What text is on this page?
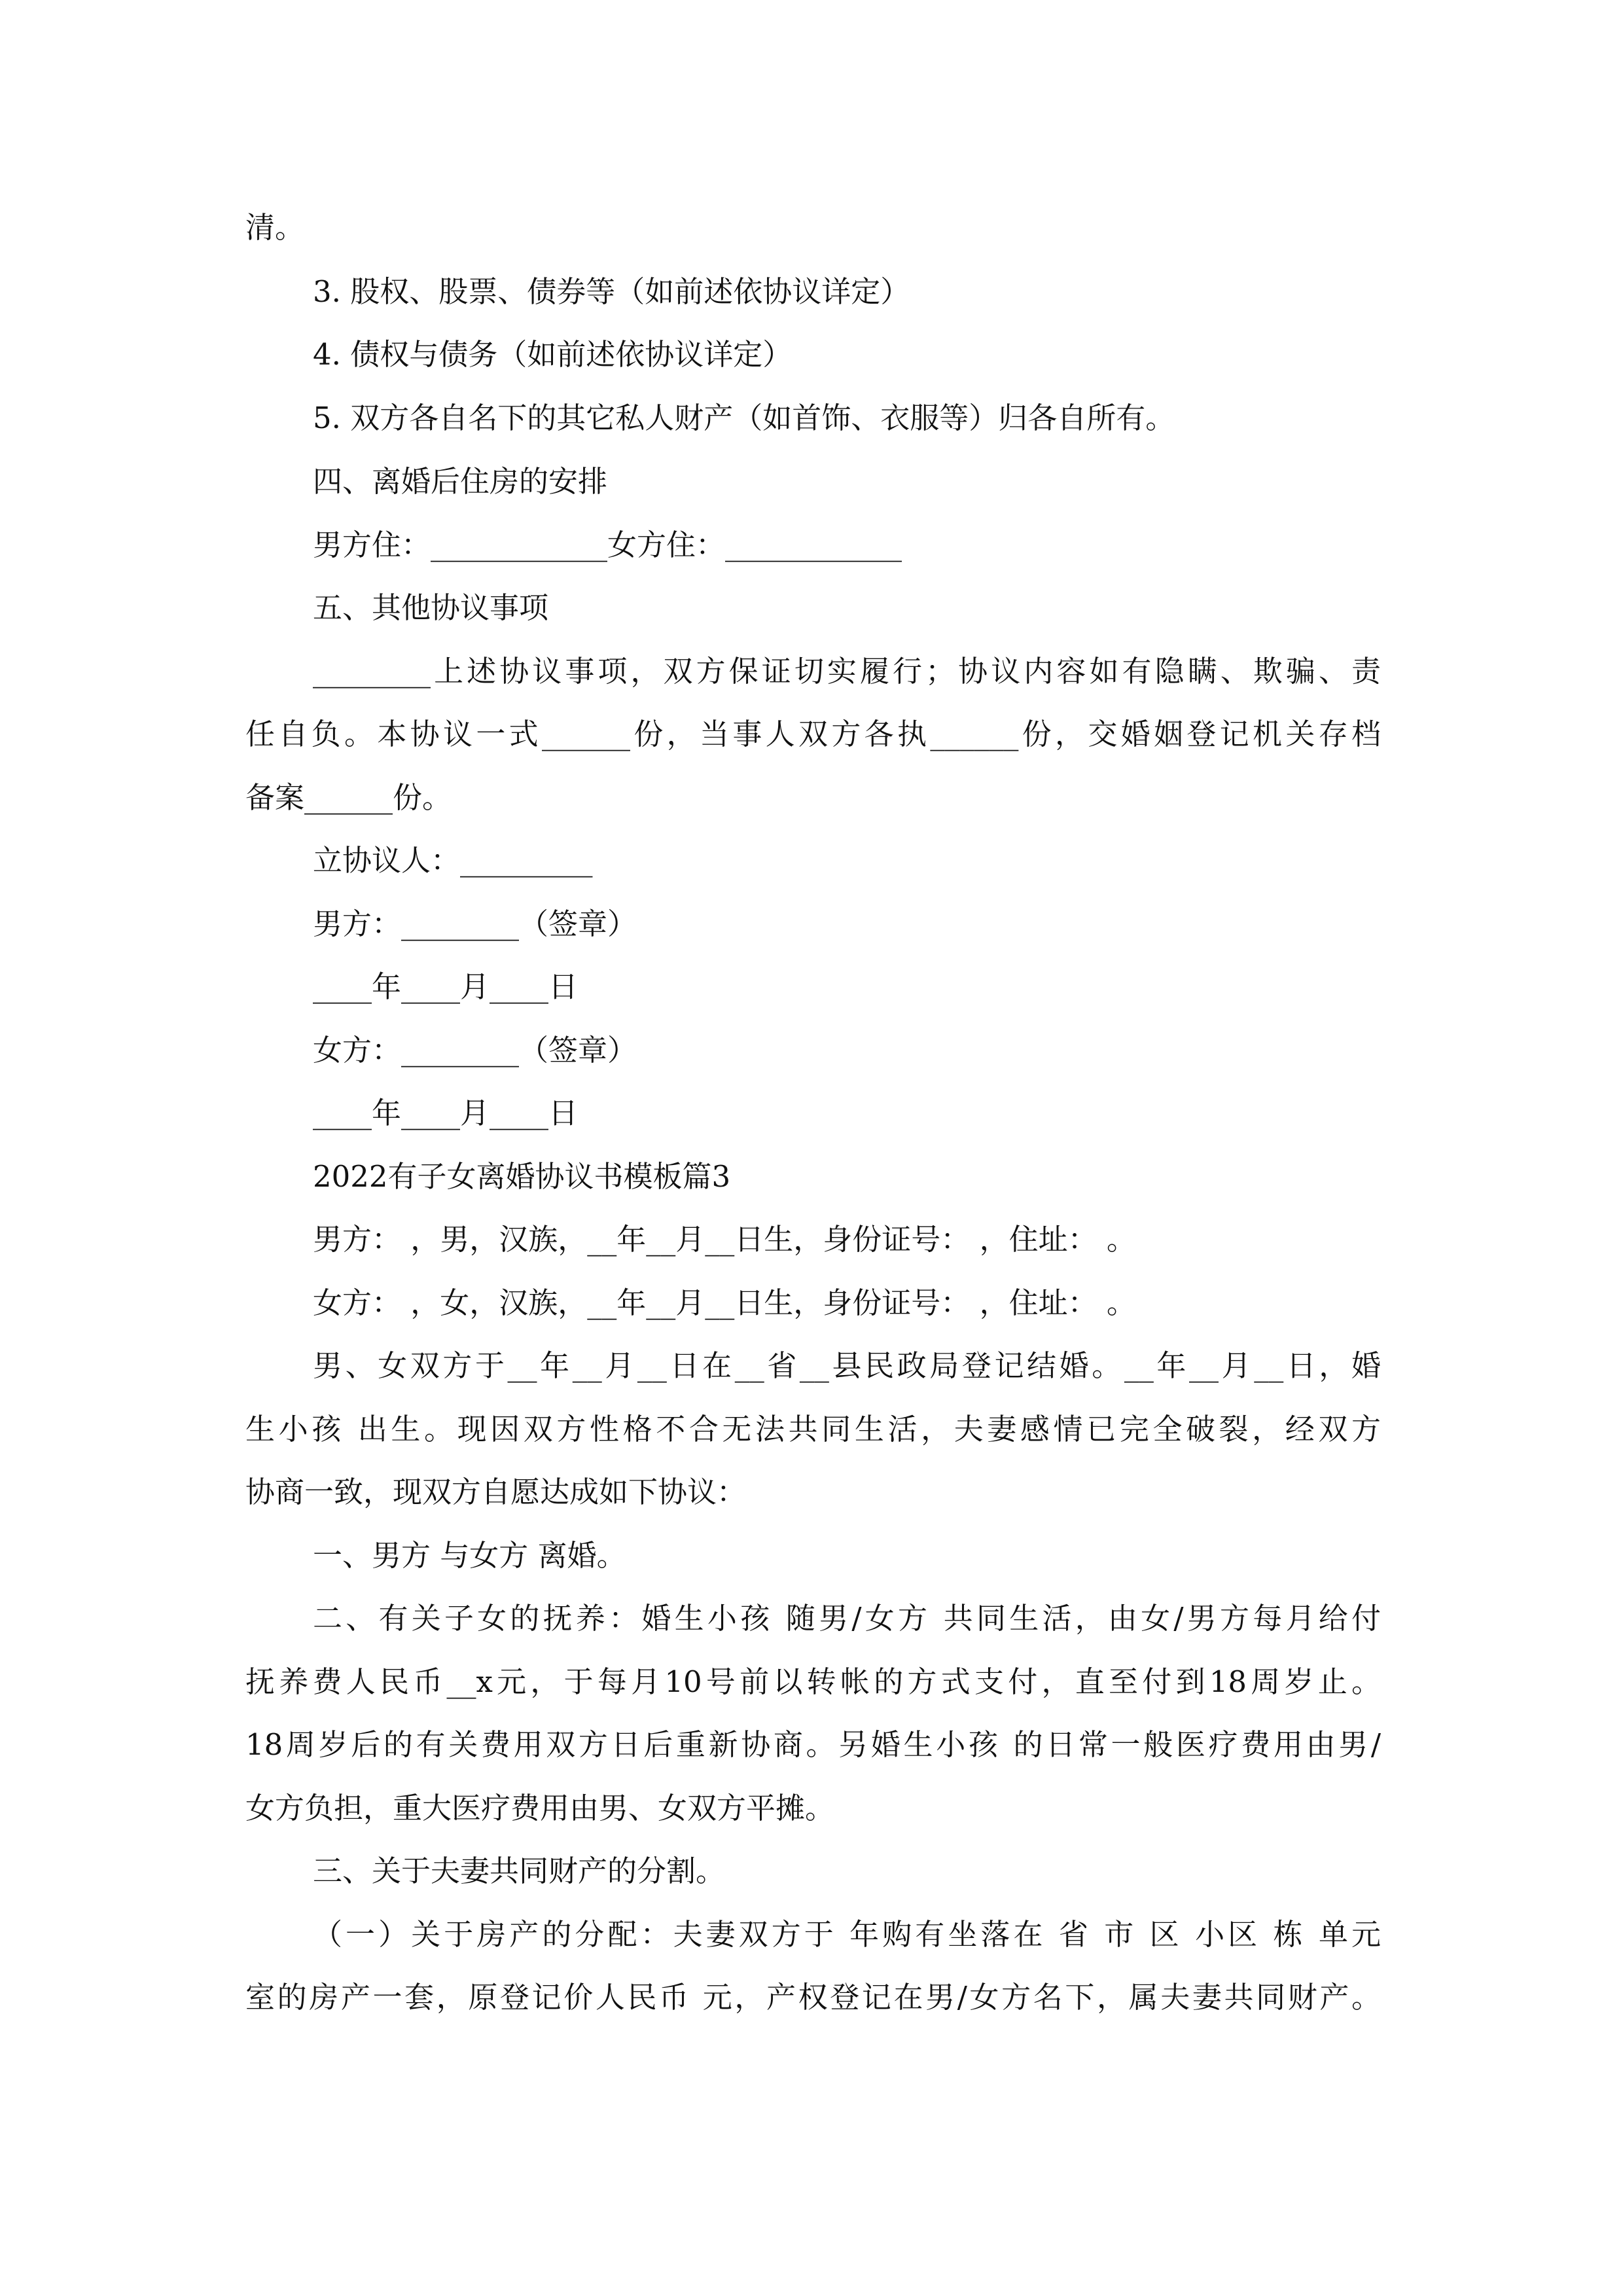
清。
3. 股权、股票、债券等（如前述依协议详定）
4. 债权与债务（如前述依协议详定）
5. 双方各自名下的其它私人财产（如首饰、衣服等）归各自所有。
四、离婚后住房的安排
男方住：____________女方住：____________
五、其他协议事项
________上述协议事项，双方保证切实履行；协议内容如有隐瞒、欺骗、责
任自负。本协议一式______份，当事人双方各执______份，交婚姻登记机关存档
备案______份。
立协议人：_________
男方：________（签章）
____年____月____日
女方：________（签章）
____年____月____日
2022有子女离婚协议书模板篇3
男方： ，男，汉族，__年__月__日生，身份证号： ，住址： 。
女方： ，女，汉族，__年__月__日生，身份证号： ，住址： 。
男、女双方于__年__月__日在__省__县民政局登记结婚。__年__月__日，婚
生小孩 出生。现因双方性格不合无法共同生活，夫妻感情已完全破裂，经双方
协商一致，现双方自愿达成如下协议：
一、男方 与女方 离婚。
二、有关子女的抚养：婚生小孩 随男/女方 共同生活，由女/男方每月给付
抚养费人民币__x元，于每月10号前以转帐的方式支付，直至付到18周岁止。
18周岁后的有关费用双方日后重新协商。另婚生小孩 的日常一般医疗费用由男/
女方负担，重大医疗费用由男、女双方平摊。
三、关于夫妻共同财产的分割。
（一）关于房产的分配：夫妻双方于 年购有坐落在 省 市 区 小区 栋 单元
室的房产一套，原登记价人民币 元，产权登记在男/女方名下，属夫妻共同财产。
